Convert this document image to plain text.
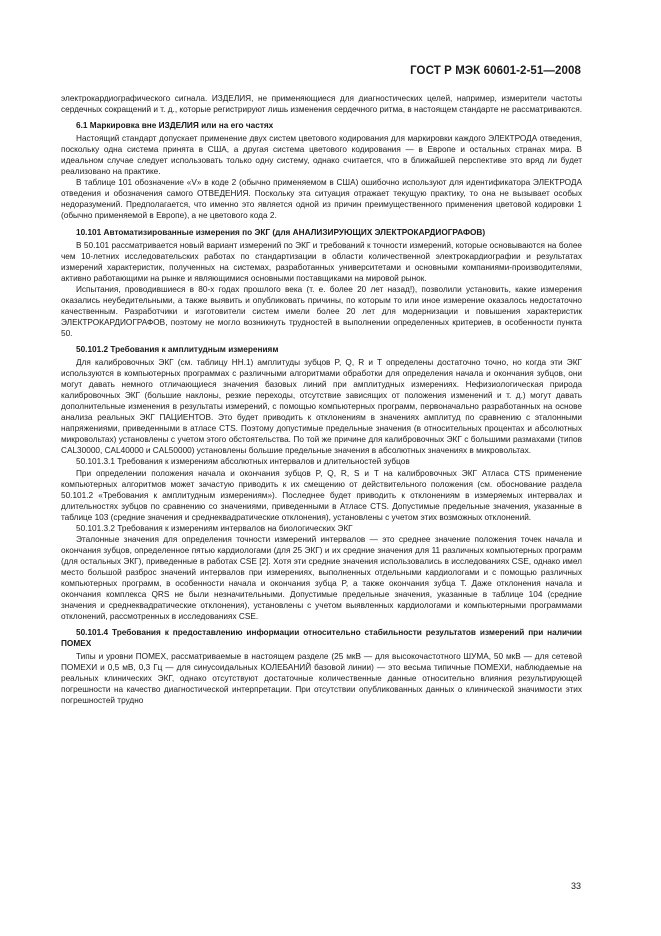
ГОСТ Р МЭК 60601-2-51—2008

электрокардиографического сигнала. ИЗДЕЛИЯ, не применяющиеся для диагностических целей, например, измерители частоты сердечных сокращений и т. д., которые регистрируют лишь изменения сердечного ритма, в настоящем стандарте не рассматриваются.

6.1 Маркировка вне ИЗДЕЛИЯ или на его частях

Настоящий стандарт допускает применение двух систем цветового кодирования для маркировки каждого ЭЛЕКТРОДА отведения, поскольку одна система принята в США, а другая система цветового кодирования — в Европе и остальных странах мира. В идеальном случае следует использовать только одну систему, однако считается, что в ближайшей перспективе это вряд ли будет реализовано на практике.

В таблице 101 обозначение «V» в коде 2 (обычно применяемом в США) ошибочно используют для идентификатора ЭЛЕКТРОДА отведения и обозначения самого ОТВЕДЕНИЯ. Поскольку эта ситуация отражает текущую практику, то она не вызывает особых недоразумений. Предполагается, что именно это является одной из причин преимущественного применения цветовой кодировки 1 (обычно применяемой в Европе), а не цветового кода 2.

10.101 Автоматизированные измерения по ЭКГ (для АНАЛИЗИРУЮЩИХ ЭЛЕКТРОКАРДИОГРАФОВ)

В 50.101 рассматривается новый вариант измерений по ЭКГ и требований к точности измерений, которые основываются на более чем 10-летних исследовательских работах по стандартизации в области количественной электрокардиографии и результатах измерений характеристик, полученных на системах, разработанных университетами и основными компаниями-производителями, активно работающими на рынке и являющимися основными поставщиками на мировой рынок.

Испытания, проводившиеся в 80-х годах прошлого века (т. е. более 20 лет назад!), позволили установить, какие измерения оказались неубедительными, а также выявить и опубликовать причины, по которым то или иное измерение оказалось недостаточно качественным. Разработчики и изготовители систем имели более 20 лет для модернизации и повышения характеристик ЭЛЕКТРОКАРДИОГРАФОВ, поэтому не могло возникнуть трудностей в выполнении определенных критериев, в особенности пункта 50.

50.101.2 Требования к амплитудным измерениям

Для калибровочных ЭКГ (см. таблицу НН.1) амплитуды зубцов P, Q, R и T определены достаточно точно, но когда эти ЭКГ используются в компьютерных программах с различными алгоритмами обработки для определения начала и окончания зубцов, они могут давать немного отличающиеся значения базовых линий при амплитудных измерениях. Нефизиологическая природа калибровочных ЭКГ (большие наклоны, резкие переходы, отсутствие зависящих от положения изменений и т. д.) могут давать дополнительные изменения в результаты измерений, с помощью компьютерных программ, первоначально разработанных на основе анализа реальных ЭКГ ПАЦИЕНТОВ. Это будет приводить к отклонениям в значениях амплитуд по сравнению с эталонными напряжениями, приведенными в атласе CTS. Поэтому допустимые предельные значения (в относительных процентах и абсолютных микровольтах) установлены с учетом этого обстоятельства. По той же причине для калибровочных ЭКГ с большими размахами (типов CAL30000, CAL40000 и CAL50000) установлены большие предельные значения в абсолютных значениях в микровольтах.

50.101.3.1 Требования к измерениям абсолютных интервалов и длительностей зубцов

При определении положения начала и окончания зубцов P, Q, R, S и T на калибровочных ЭКГ Атласа CTS применение компьютерных алгоритмов может зачастую приводить к их смещению от действительного положения (см. обоснование раздела 50.101.2 «Требования к амплитудным измерениям»). Последнее будет приводить к отклонениям в измеряемых интервалах и длительностях зубцов по сравнению со значениями, приведенными в Атласе CTS. Допустимые предельные значения, указанные в таблице 103 (средние значения и среднеквадратические отклонения), установлены с учетом этих возможных отклонений.

50.101.3.2 Требования к измерениям интервалов на биологических ЭКГ

Эталонные значения для определения точности измерений интервалов — это среднее значение положения точек начала и окончания зубцов, определенное пятью кардиологами (для 25 ЭКГ) и их средние значения для 11 различных компьютерных программ (для остальных ЭКГ), приведенные в работах CSE [2]. Хотя эти средние значения использовались в исследованиях CSE, однако имел место большой разброс значений интервалов при измерениях, выполненных отдельными кардиологами и с помощью различных компьютерных программ, в особенности начала и окончания зубца P, а также окончания зубца T. Даже отклонения начала и окончания комплекса QRS не были незначительными. Допустимые предельные значения, указанные в таблице 104 (средние значения и среднеквадратические отклонения), установлены с учетом выявленных кардиологами и компьютерными программами отклонений, рассмотренных в исследованиях CSE.

50.101.4 Требования к предоставлению информации относительно стабильности результатов измерений при наличии ПОМЕХ

Типы и уровни ПОМЕХ, рассматриваемые в настоящем разделе (25 мкВ — для высокочастотного ШУМА, 50 мкВ — для сетевой ПОМЕХИ и 0,5 мВ, 0,3 Гц — для синусоидальных КОЛЕБАНИЙ базовой линии) — это весьма типичные ПОМЕХИ, наблюдаемые на реальных клинических ЭКГ, однако отсутствуют достаточные количественные данные относительно влияния результирующей погрешности на качество диагностической интерпретации. При отсутствии опубликованных данных о клинической значимости этих погрешностей трудно

33
